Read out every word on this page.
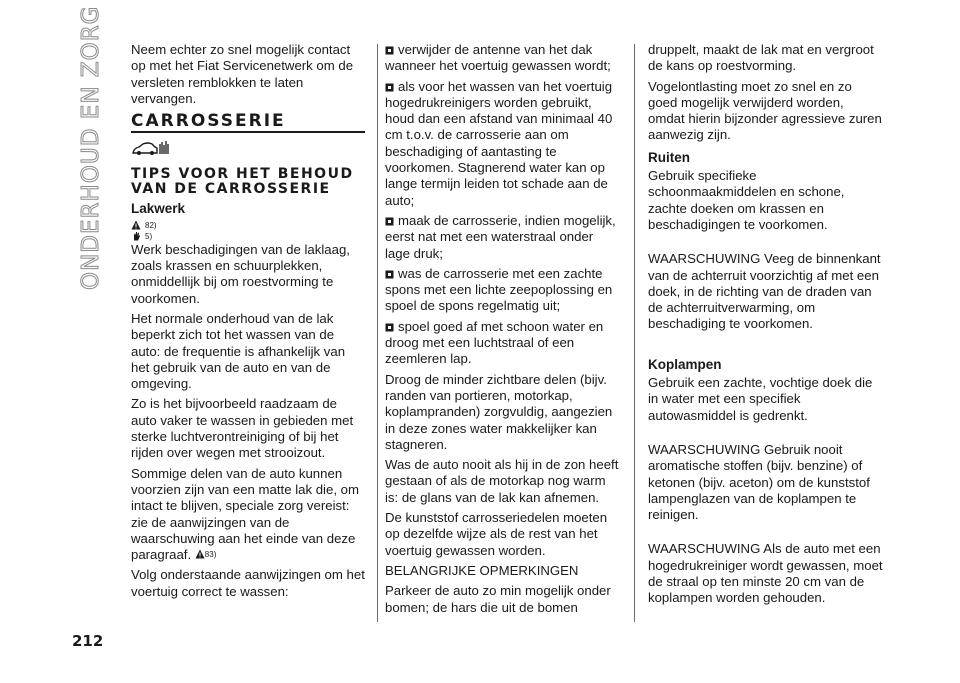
ONDERHOUD EN ZORG Neem echter zo snel mogelijk contact op met het Fiat Servicenetwerk om de versleten remblokken te laten vervangen.

CARROSSERIE
TIPS VOOR HET BEHOUD VAN DE CARROSSERIE
Lakwerk
82)
5)

Werk beschadigingen van de laklaag, zoals krassen en schuurplekken, onmiddellijk bij om roestvorming te voorkomen.

Het normale onderhoud van de lak beperkt zich tot het wassen van de auto: de frequentie is afhankelijk van het gebruik van de auto en van de omgeving.

Zo is het bijvoorbeeld raadzaam de auto vaker te wassen in gebieden met sterke luchtverontreiniging of bij het rijden over wegen met strooizout.

Sommige delen van de auto kunnen voorzien zijn van een matte lak die, om intact te blijven, speciale zorg vereist: zie de aanwijzingen van de waarschuwing aan het einde van deze paragraaf. 83)

Volg onderstaande aanwijzingen om het voertuig correct te wassen:

verwijder de antenne van het dak wanneer het voertuig gewassen wordt;

als voor het wassen van het voertuig hogedrukreinigers worden gebruikt, houd dan een afstand van minimaal 40 cm t.o.v. de carrosserie aan om beschadiging of aantasting te voorkomen. Stagnerend water kan op lange termijn leiden tot schade aan de auto;

maak de carrosserie, indien mogelijk, eerst nat met een waterstraal onder lage druk;

was de carrosserie met een zachte spons met een lichte zeepoplossing en spoel de spons regelmatig uit;

spoel goed af met schoon water en droog met een luchtstraal of een zeemleren lap.

Droog de minder zichtbare delen (bijv. randen van portieren, motorkap, koplampranden) zorgvuldig, aangezien in deze zones water makkelijker kan stagneren.

Was de auto nooit als hij in de zon heeft gestaan of als de motorkap nog warm is: de glans van de lak kan afnemen.

De kunststof carrosseriedelen moeten op dezelfde wijze als de rest van het voertuig gewassen worden.

BELANGRIJKE OPMERKINGEN

Parkeer de auto zo min mogelijk onder bomen; de hars die uit de bomen

druppelt, maakt de lak mat en vergroot de kans op roestvorming.

Vogelontlasting moet zo snel en zo goed mogelijk verwijderd worden, omdat hierin bijzonder agressieve zuren aanwezig zijn.

Ruiten

Gebruik specifieke schoonmaakmiddelen en schone, zachte doeken om krassen en beschadigingen te voorkomen.

WAARSCHUWING Veeg de binnenkant van de achterruit voorzichtig af met een doek, in de richting van de draden van de achterruitverwarming, om beschadiging te voorkomen.

Koplampen

Gebruik een zachte, vochtige doek die in water met een specifiek autowasmiddel is gedrenkt.

WAARSCHUWING Gebruik nooit aromatische stoffen (bijv. benzine) of ketonen (bijv. aceton) om de kunststof lampenglazen van de koplampen te reinigen.

WAARSCHUWING Als de auto met een hogedrukreiniger wordt gewassen, moet de straal op ten minste 20 cm van de koplampen worden gehouden.

212
